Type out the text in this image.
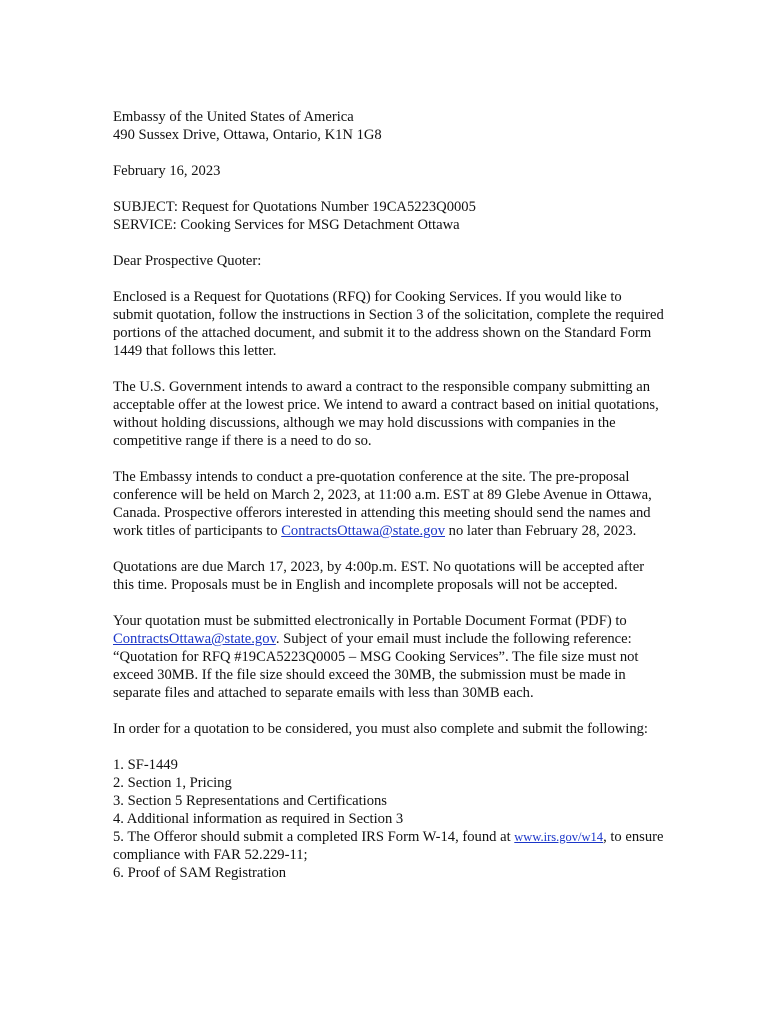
Embassy of the United States of America
490 Sussex Drive, Ottawa, Ontario, K1N 1G8

February 16, 2023

SUBJECT: Request for Quotations Number 19CA5223Q0005
SERVICE: Cooking Services for MSG Detachment Ottawa

Dear Prospective Quoter:

Enclosed is a Request for Quotations (RFQ) for Cooking Services. If you would like to submit quotation, follow the instructions in Section 3 of the solicitation, complete the required portions of the attached document, and submit it to the address shown on the Standard Form 1449 that follows this letter.

The U.S. Government intends to award a contract to the responsible company submitting an acceptable offer at the lowest price. We intend to award a contract based on initial quotations, without holding discussions, although we may hold discussions with companies in the competitive range if there is a need to do so.

The Embassy intends to conduct a pre-quotation conference at the site. The pre-proposal conference will be held on March 2, 2023, at 11:00 a.m. EST at 89 Glebe Avenue in Ottawa, Canada. Prospective offerors interested in attending this meeting should send the names and work titles of participants to ContractsOttawa@state.gov no later than February 28, 2023.

Quotations are due March 17, 2023, by 4:00p.m. EST. No quotations will be accepted after this time. Proposals must be in English and incomplete proposals will not be accepted.

Your quotation must be submitted electronically in Portable Document Format (PDF) to ContractsOttawa@state.gov. Subject of your email must include the following reference: “Quotation for RFQ #19CA5223Q0005 – MSG Cooking Services”. The file size must not exceed 30MB. If the file size should exceed the 30MB, the submission must be made in separate files and attached to separate emails with less than 30MB each.

In order for a quotation to be considered, you must also complete and submit the following:

1. SF-1449
2. Section 1, Pricing
3. Section 5 Representations and Certifications
4. Additional information as required in Section 3
5. The Offeror should submit a completed IRS Form W-14, found at www.irs.gov/w14, to ensure compliance with FAR 52.229-11;
6. Proof of SAM Registration
